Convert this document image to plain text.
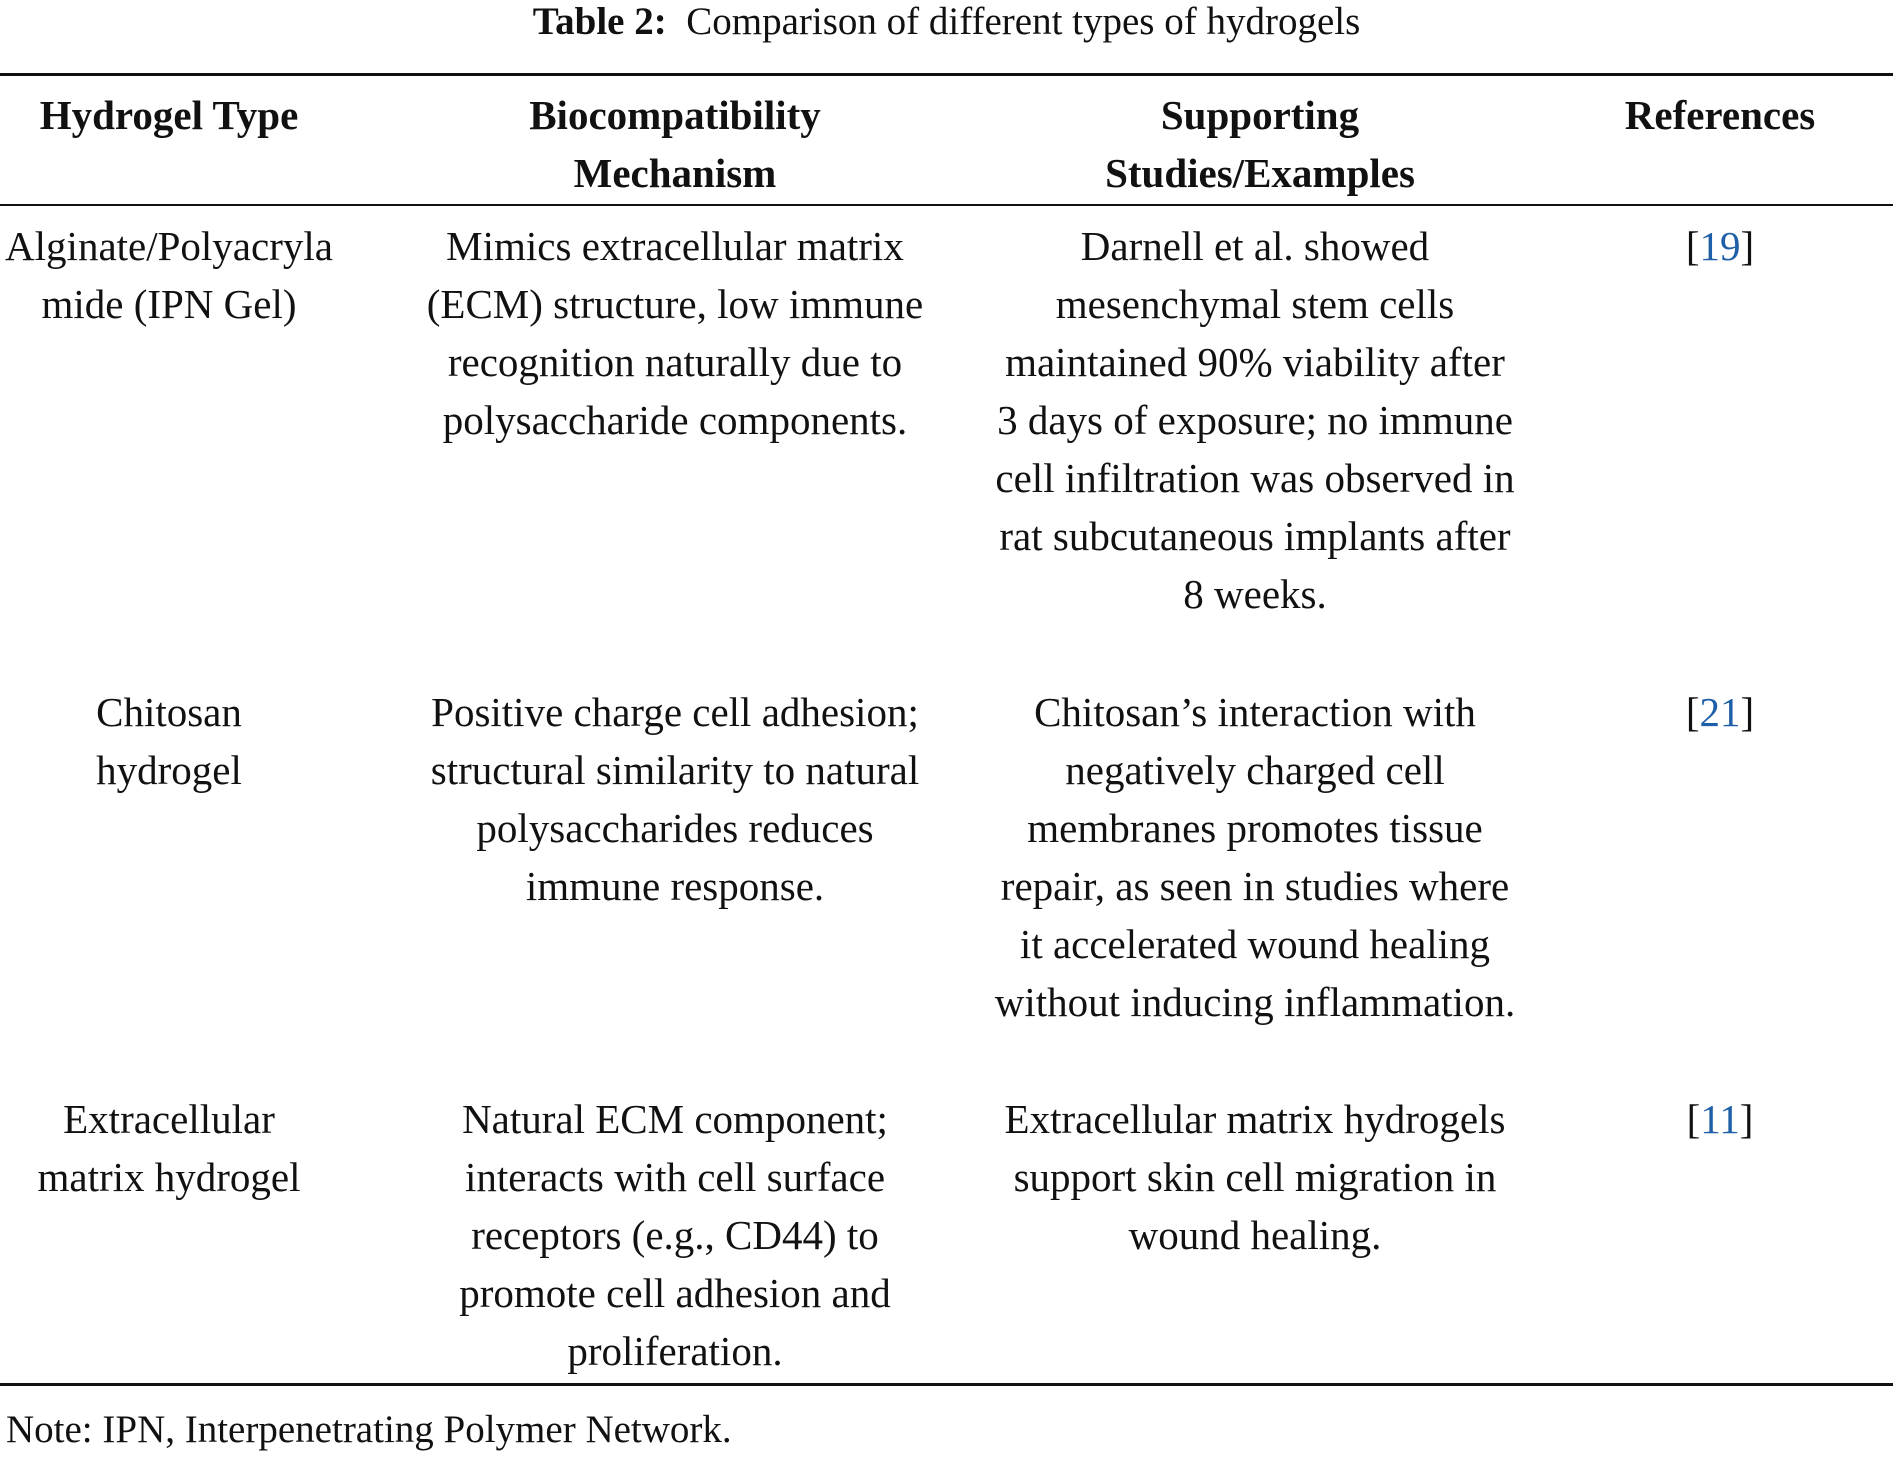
Table 2: Comparison of different types of hydrogels
Hydrogel Type	Biocompatibility Mechanism
Supporting Studies/Examples
References
Alginate/Polyacrylamide (IPN Gel)
Mimics extracellular matrix (ECM) structure, low immune recognition naturally due to polysaccharide components.
Darnell et al. showed mesenchymal stem cells maintained 90% viability after 3 days of exposure; no immune cell infiltration was observed in rat subcutaneous implants after 8 weeks.
[19]
Chitosan hydrogel
Positive charge cell adhesion; structural similarity to natural polysaccharides reduces immune response.
Chitosan’s interaction with negatively charged cell membranes promotes tissue repair, as seen in studies where it accelerated wound healing without inducing inflammation.
[21]
Extracellular matrix hydrogel
Natural ECM component; interacts with cell surface receptors (e.g., CD44) to promote cell adhesion and proliferation.
Extracellular matrix hydrogels support skin cell migration in wound healing.
[11]
Note: IPN, Interpenetrating Polymer Network.
